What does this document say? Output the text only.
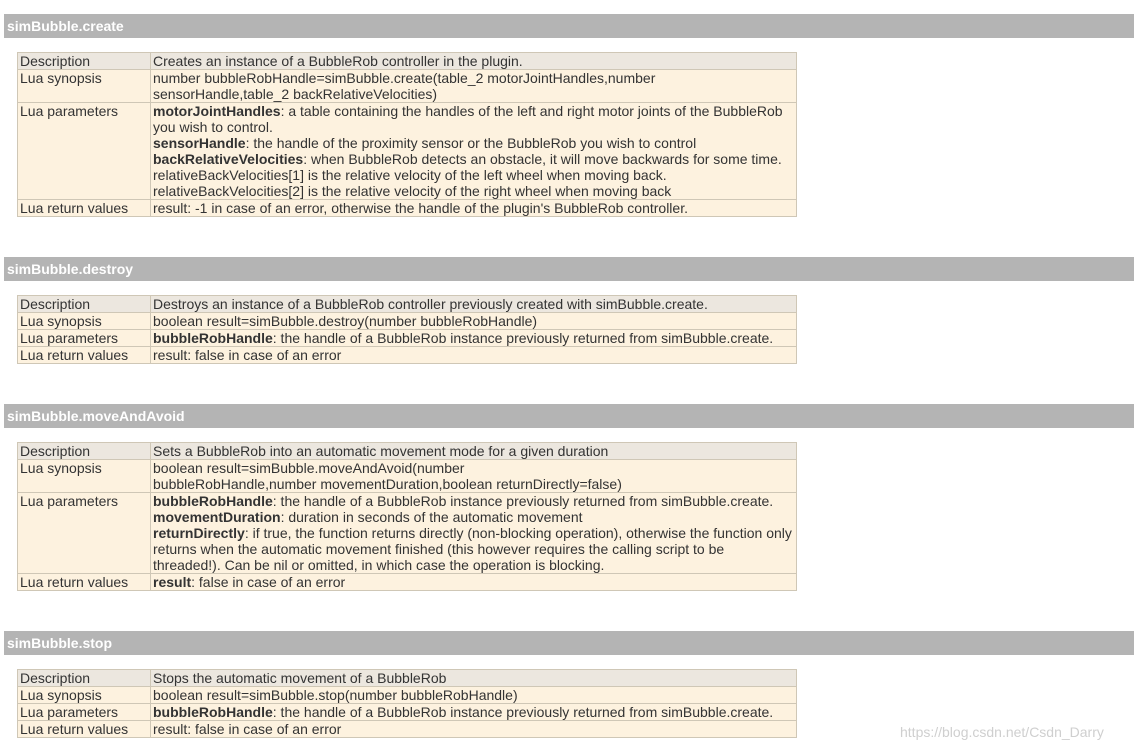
simBubble.create
Description	Creates an instance of a BubbleRob controller in the plugin.
Lua synopsis	number bubbleRobHandle=simBubble.create(table_2 motorJointHandles,number sensorHandle,table_2 backRelativeVelocities)
Lua parameters	motorJointHandles: a table containing the handles of the left and right motor joints of the BubbleRob you wish to control.
sensorHandle: the handle of the proximity sensor or the BubbleRob you wish to control
backRelativeVelocities: when BubbleRob detects an obstacle, it will move backwards for some time. relativeBackVelocities[1] is the relative velocity of the left wheel when moving back. relativeBackVelocities[2] is the relative velocity of the right wheel when moving back

Lua return values	result: -1 in case of an error, otherwise the handle of the plugin's BubbleRob controller.
simBubble.destroy
Description	Destroys an instance of a BubbleRob controller previously created with simBubble.create.
Lua synopsis	boolean result=simBubble.destroy(number bubbleRobHandle)
Lua parameters	bubbleRobHandle: the handle of a BubbleRob instance previously returned from simBubble.create.

Lua return values	result: false in case of an error
simBubble.moveAndAvoid
Description	Sets a BubbleRob into an automatic movement mode for a given duration
Lua synopsis	boolean result=simBubble.moveAndAvoid(number bubbleRobHandle,number movementDuration,boolean returnDirectly=false)
Lua parameters	bubbleRobHandle: the handle of a BubbleRob instance previously returned from simBubble.create.
movementDuration: duration in seconds of the automatic movement
returnDirectly: if true, the function returns directly (non-blocking operation), otherwise the function only returns when the automatic movement finished (this however requires the calling script to be threaded!). Can be nil or omitted, in which case the operation is blocking.

Lua return values	result: false in case of an error
simBubble.stop
Description	Stops the automatic movement of a BubbleRob
Lua synopsis	boolean result=simBubble.stop(number bubbleRobHandle)
Lua parameters	bubbleRobHandle: the handle of a BubbleRob instance previously returned from simBubble.create.

Lua return values	result: false in case of an error	https://blog.csdn.net/Csdn_Darry
